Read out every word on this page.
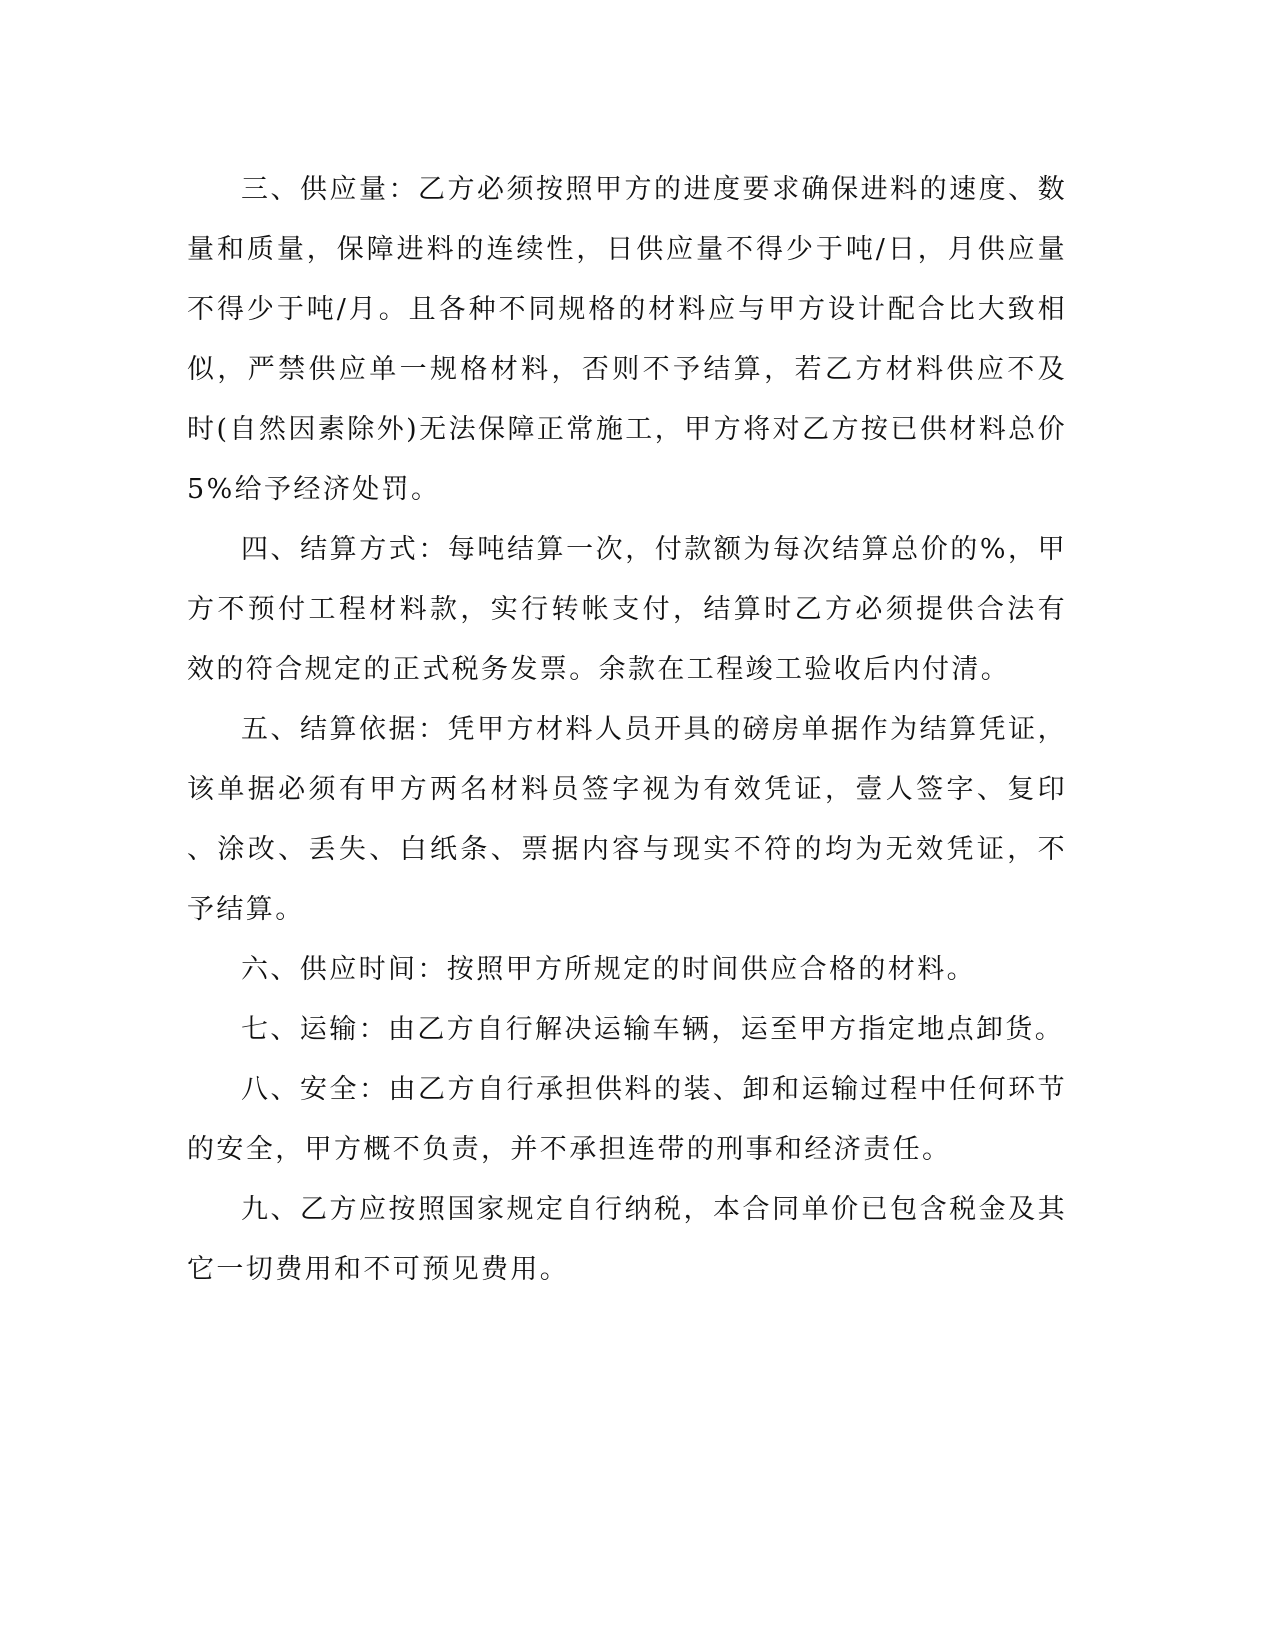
三、供应量：乙方必须按照甲方的进度要求确保进料的速度、数量和质量，保障进料的连续性，日供应量不得少于吨/日，月供应量不得少于吨/月。且各种不同规格的材料应与甲方设计配合比大致相似，严禁供应单一规格材料，否则不予结算，若乙方材料供应不及时(自然因素除外)无法保障正常施工，甲方将对乙方按已供材料总价 5%给予经济处罚。

四、结算方式：每吨结算一次，付款额为每次结算总价的%，甲方不预付工程材料款，实行转帐支付，结算时乙方必须提供合法有效的符合规定的正式税务发票。余款在工程竣工验收后内付清。

五、结算依据：凭甲方材料人员开具的磅房单据作为结算凭证，该单据必须有甲方两名材料员签字视为有效凭证，壹人签字、复印、涂改、丢失、白纸条、票据内容与现实不符的均为无效凭证，不予结算。

六、供应时间：按照甲方所规定的时间供应合格的材料。

七、运输：由乙方自行解决运输车辆，运至甲方指定地点卸货。

八、安全：由乙方自行承担供料的装、卸和运输过程中任何环节的安全，甲方概不负责，并不承担连带的刑事和经济责任。

九、乙方应按照国家规定自行纳税，本合同单价已包含税金及其它一切费用和不可预见费用。
